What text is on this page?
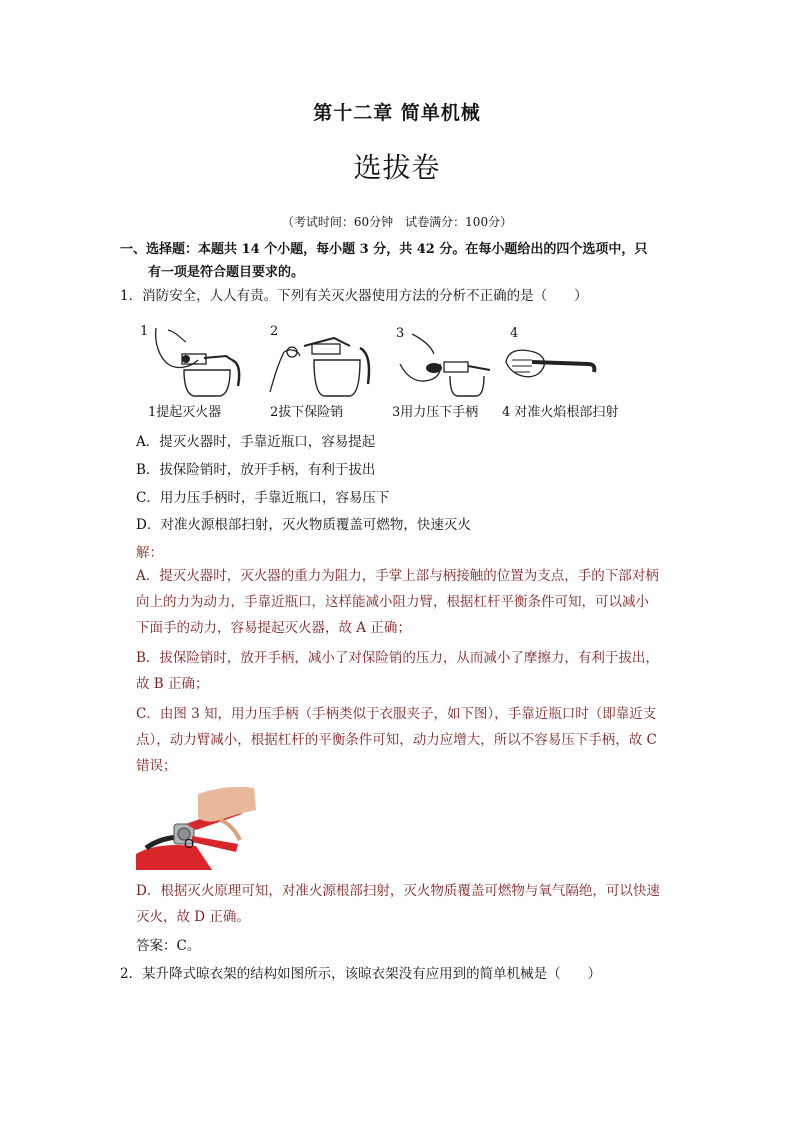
第十二章 简单机械
选拔卷
（考试时间：60分钟　试卷满分：100分）
一、选择题：本题共 14 个小题，每小题 3 分，共 42 分。在每小题给出的四个选项中，只
有一项是符合题目要求的。
1．消防安全，人人有责。下列有关灭火器使用方法的分析不正确的是（　　）
1
1提起灭火器
2
2拔下保险销
3
3用力压下手柄
4
4 对准火焰根部扫射
A．提灭火器时，手靠近瓶口，容易提起
B．拔保险销时，放开手柄，有利于拔出
C．用力压手柄时，手靠近瓶口，容易压下
D．对准火源根部扫射，灭火物质覆盖可燃物，快速灭火
解：
A．提灭火器时，灭火器的重力为阻力，手掌上部与柄接触的位置为支点，手的下部对柄
向上的力为动力，手靠近瓶口，这样能减小阻力臂，根据杠杆平衡条件可知，可以减小
下面手的动力，容易提起灭火器，故 A 正确；
B．拔保险销时，放开手柄，减小了对保险销的压力，从而减小了摩擦力，有利于拔出，
故 B 正确；
C．由图 3 知，用力压手柄（手柄类似于衣服夹子，如下图），手靠近瓶口时（即靠近支
点），动力臂减小，根据杠杆的平衡条件可知，动力应增大，所以不容易压下手柄，故 C
错误；
O
D．根据灭火原理可知，对准火源根部扫射，灭火物质覆盖可燃物与氧气隔绝，可以快速
灭火，故 D 正确。
答案：C。
2．某升降式晾衣架的结构如图所示，该晾衣架没有应用到的简单机械是（　　）
